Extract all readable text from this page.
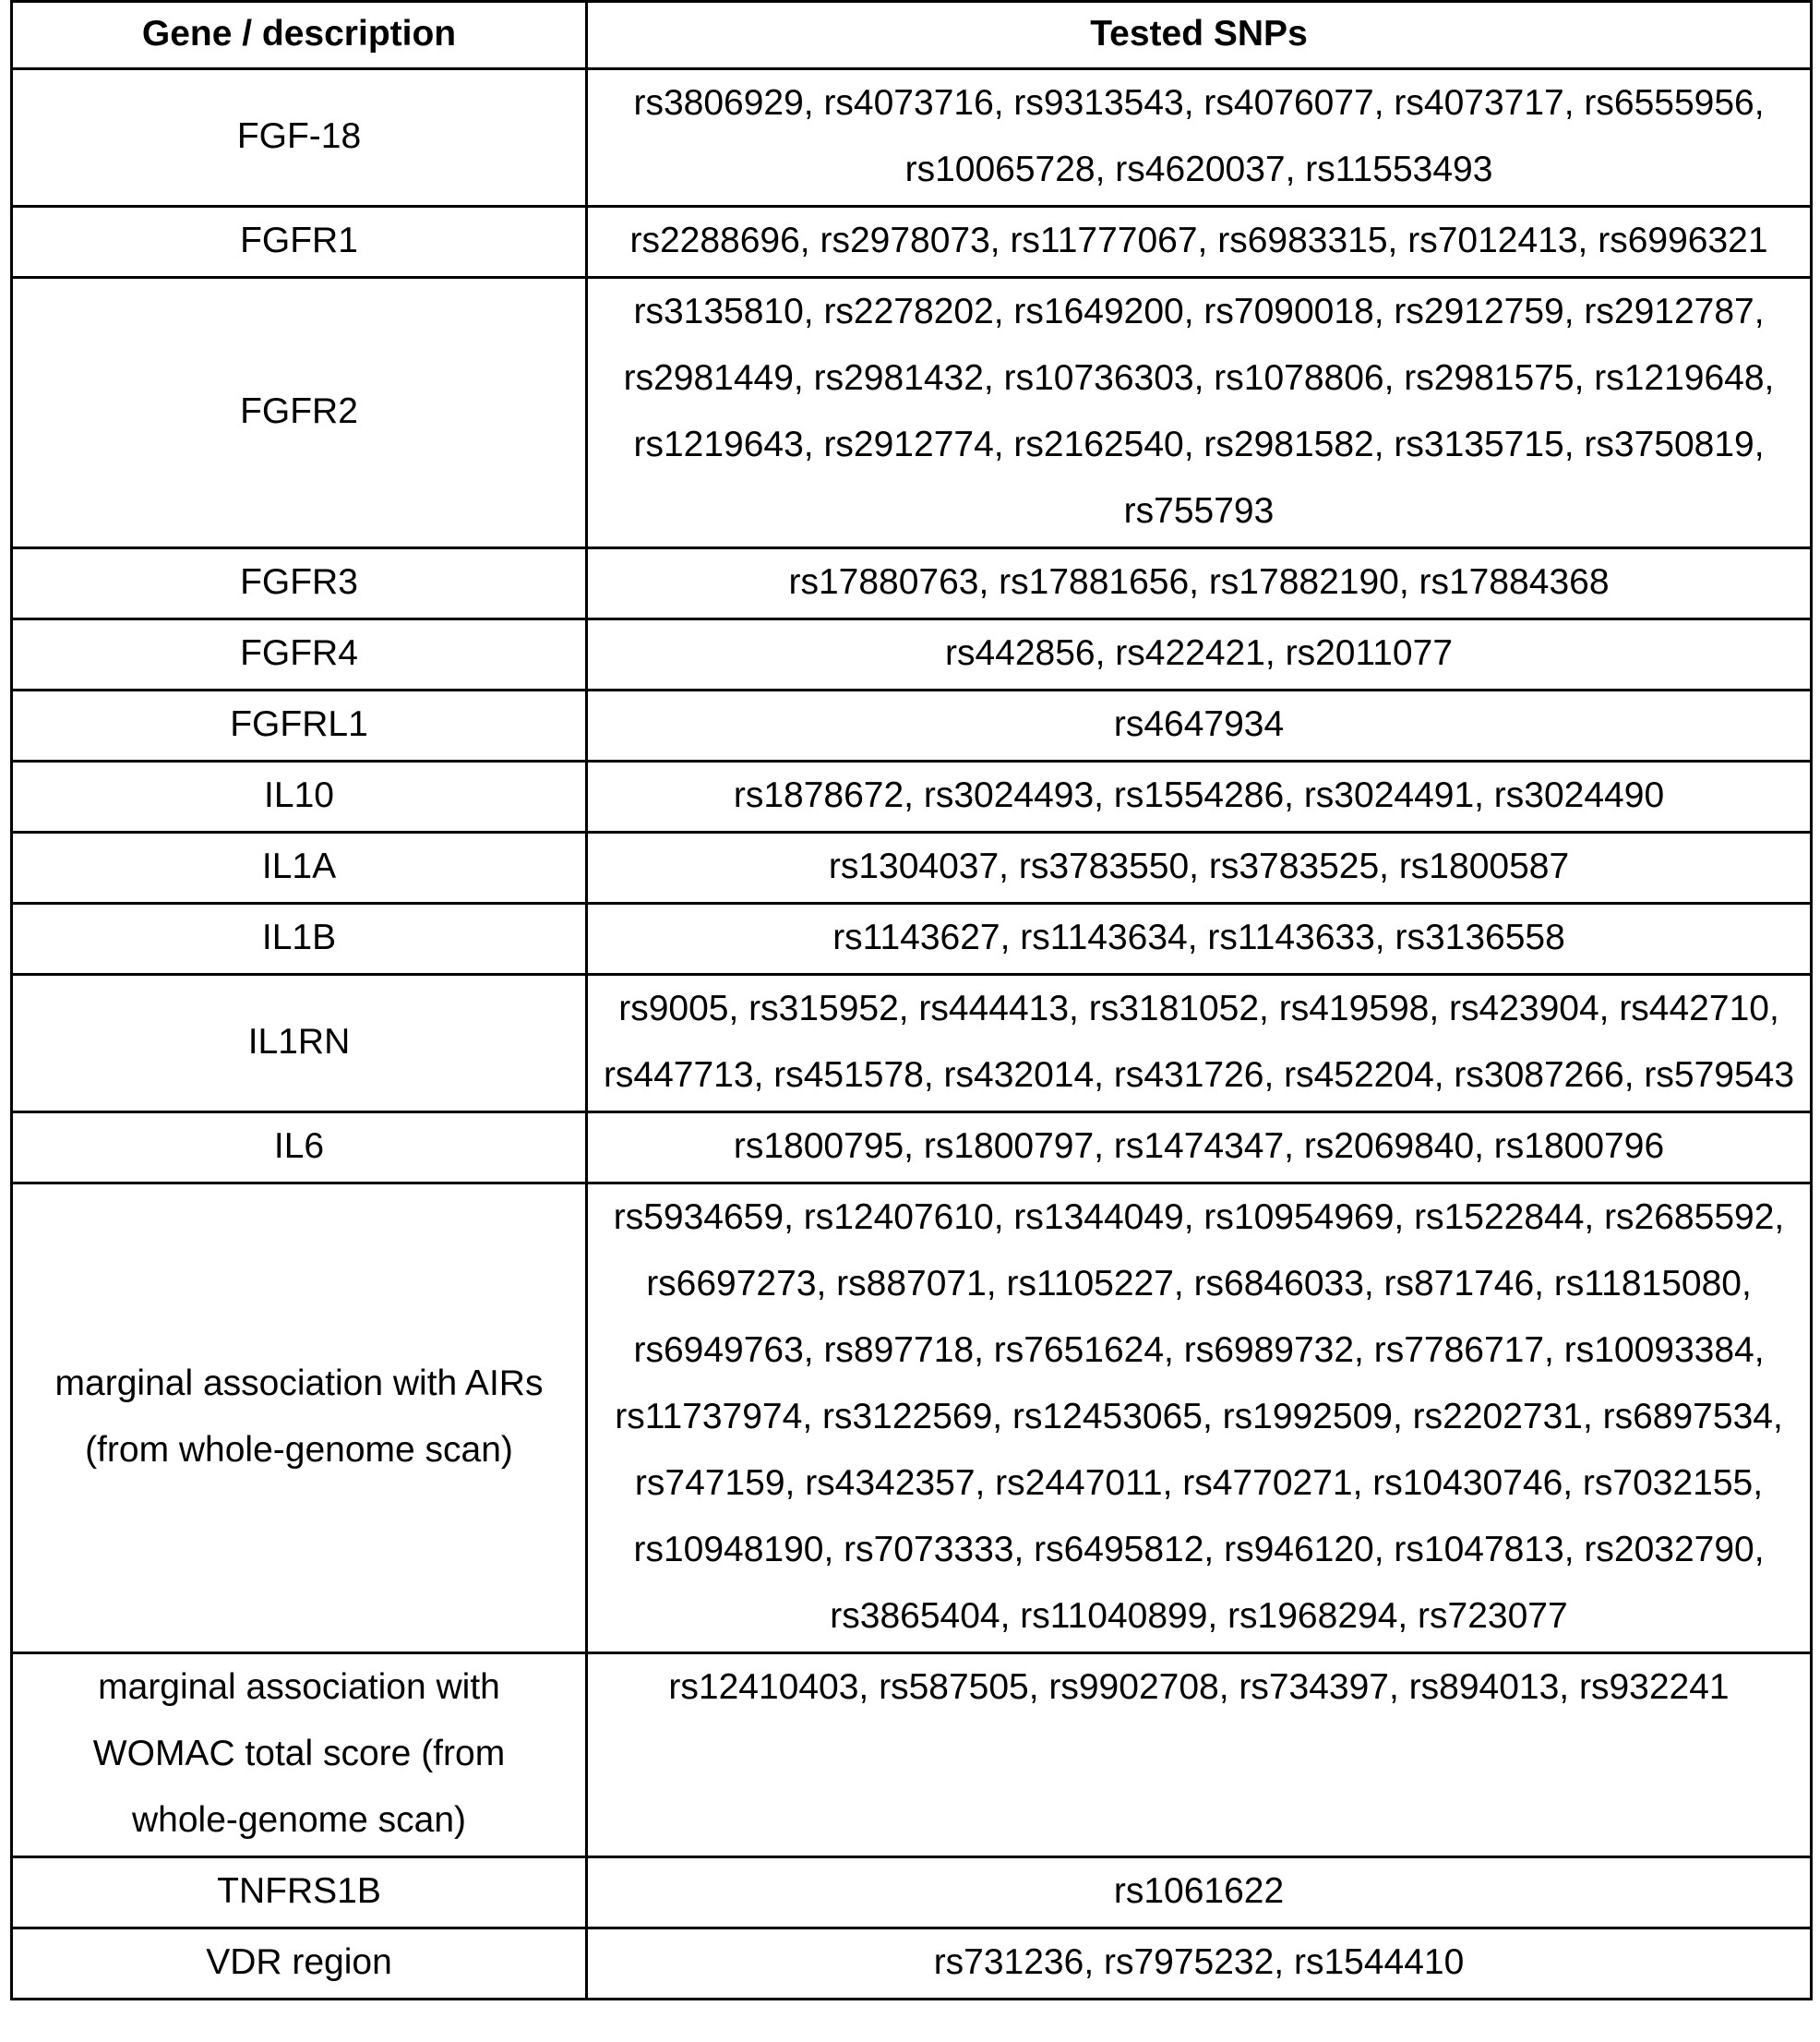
Gene / description	Tested SNPs
FGF-18	rs3806929, rs4073716, rs9313543, rs4076077, rs4073717, rs6555956, rs10065728, rs4620037, rs11553493
FGFR1	rs2288696, rs2978073, rs11777067, rs6983315, rs7012413, rs6996321
FGFR2	rs3135810, rs2278202, rs1649200, rs7090018, rs2912759, rs2912787, rs2981449, rs2981432, rs10736303, rs1078806, rs2981575, rs1219648, rs1219643, rs2912774, rs2162540, rs2981582, rs3135715, rs3750819, rs755793
FGFR3	rs17880763, rs17881656, rs17882190, rs17884368
FGFR4	rs442856, rs422421, rs2011077
FGFRL1	rs4647934
IL10	rs1878672, rs3024493, rs1554286, rs3024491, rs3024490
IL1A	rs1304037, rs3783550, rs3783525, rs1800587
IL1B	rs1143627, rs1143634, rs1143633, rs3136558
IL1RN	rs9005, rs315952, rs444413, rs3181052, rs419598, rs423904, rs442710, rs447713, rs451578, rs432014, rs431726, rs452204, rs3087266, rs579543
IL6	rs1800795, rs1800797, rs1474347, rs2069840, rs1800796
marginal association with AIRs (from whole-genome scan)	rs5934659, rs12407610, rs1344049, rs10954969, rs1522844, rs2685592, rs6697273, rs887071, rs1105227, rs6846033, rs871746, rs11815080, rs6949763, rs897718, rs7651624, rs6989732, rs7786717, rs10093384, rs11737974, rs3122569, rs12453065, rs1992509, rs2202731, rs6897534, rs747159, rs4342357, rs2447011, rs4770271, rs10430746, rs7032155, rs10948190, rs7073333, rs6495812, rs946120, rs1047813, rs2032790, rs3865404, rs11040899, rs1968294, rs723077
marginal association with WOMAC total score (from whole-genome scan)	rs12410403, rs587505, rs9902708, rs734397, rs894013, rs932241
TNFRS1B	rs1061622
VDR region	rs731236, rs7975232, rs1544410
